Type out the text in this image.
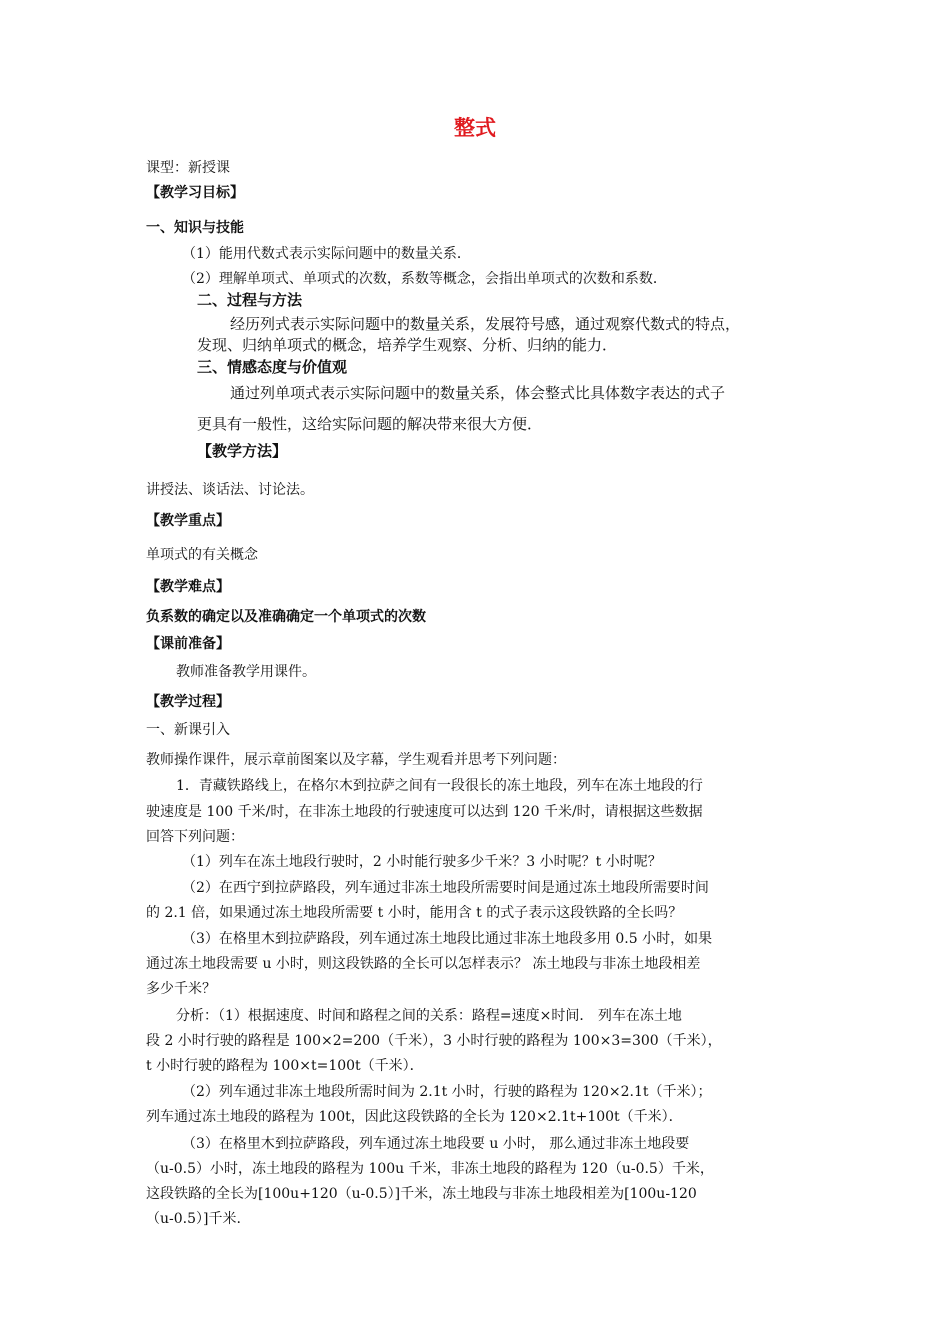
整式
课型：新授课
【教学习目标】
一、知识与技能
（1）能用代数式表示实际问题中的数量关系．
（2）理解单项式、单项式的次数，系数等概念，会指出单项式的次数和系数．
二、过程与方法
经历列式表示实际问题中的数量关系，发展符号感，通过观察代数式的特点，
发现、归纳单项式的概念，培养学生观察、分析、归纳的能力．
三、情感态度与价值观
通过列单项式表示实际问题中的数量关系，体会整式比具体数字表达的式子
更具有一般性，这给实际问题的解决带来很大方便．
【教学方法】
讲授法、谈话法、讨论法。
【教学重点】
单项式的有关概念
【教学难点】
负系数的确定以及准确确定一个单项式的次数
【课前准备】
教师准备教学用课件。
【教学过程】
一、新课引入
教师操作课件，展示章前图案以及字幕，学生观看并思考下列问题：
1．青藏铁路线上，在格尔木到拉萨之间有一段很长的冻土地段，列车在冻土地段的行
驶速度是 100 千米/时，在非冻土地段的行驶速度可以达到 120 千米/时，请根据这些数据
回答下列问题：
（1）列车在冻土地段行驶时，2 小时能行驶多少千米？3 小时呢？t 小时呢？
（2）在西宁到拉萨路段，列车通过非冻土地段所需要时间是通过冻土地段所需要时间
的 2.1 倍，如果通过冻土地段所需要 t 小时，能用含 t 的式子表示这段铁路的全长吗？
（3）在格里木到拉萨路段，列车通过冻土地段比通过非冻土地段多用 0.5 小时，如果
通过冻土地段需要 u 小时，则这段铁路的全长可以怎样表示？ 冻土地段与非冻土地段相差
多少千米？
分析：（1）根据速度、时间和路程之间的关系：路程=速度×时间． 列车在冻土地
段 2 小时行驶的路程是 100×2=200（千米），3 小时行驶的路程为 100×3=300（千米），
t 小时行驶的路程为 100×t=100t（千米）．
（2）列车通过非冻土地段所需时间为 2.1t 小时，行驶的路程为 120×2.1t（千米）；
列车通过冻土地段的路程为 100t，因此这段铁路的全长为 120×2.1t+100t（千米）．
（3）在格里木到拉萨路段，列车通过冻土地段要 u 小时， 那么通过非冻土地段要
（u-0.5）小时，冻土地段的路程为 100u 千米，非冻土地段的路程为 120（u-0.5）千米，
这段铁路的全长为[100u+120（u-0.5）]千米，冻土地段与非冻土地段相差为[100u-120
（u-0.5）]千米.
